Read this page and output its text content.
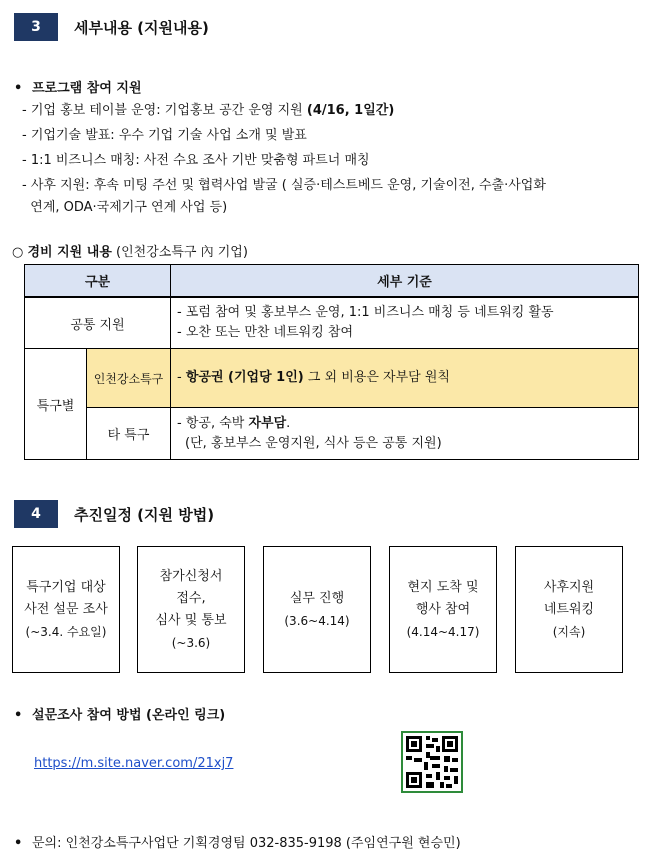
3	세부내용 (지원내용)
• 프로그램 참여 지원
- 기업 홍보 테이블 운영: 기업홍보 공간 운영 지원 (4/16, 1일간)
- 기업기술 발표: 우수 기업 기술 사업 소개 및 발표
- 1:1 비즈니스 매칭: 사전 수요 조사 기반 맞춤형 파트너 매칭
- 사후 지원: 후속 미팅 주선 및 협력사업 발굴 ( 실증·테스트베드 운영, 기술이전, 수출·사업화
연계, ODA·국제기구 연계 사업 등)
○ 경비 지원 내용 (인천강소특구 內 기업)
구분		세부 기준
공통 지원		- 포럼 참여 및 홍보부스 운영, 1:1 비즈니스 매칭 등 네트워킹 활동
- 오찬 또는 만찬 네트워킹 참여

특구별	인천강소특구	- 항공권 (기업당 1인) 그 외 비용은 자부담 원칙

	타 특구	- 항공, 숙박 자부담.
(단, 홍보부스 운영지원, 식사 등은 공통 지원)
4	추진일정 (지원 방법)
특구기업 대상
사전 설문 조사
(~3.4. 수요일)
참가신청서
접수,
심사 및 통보
(~3.6)
실무 진행
(3.6~4.14)
현지 도착 및
행사 참여
(4.14~4.17)
사후지원
네트워킹
(지속)
• 설문조사 참여 방법 (온라인 링크)
https://m.site.naver.com/21xj7
• 문의: 인천강소특구사업단 기획경영팀 032-835-9198 (주임연구원 현승민)
